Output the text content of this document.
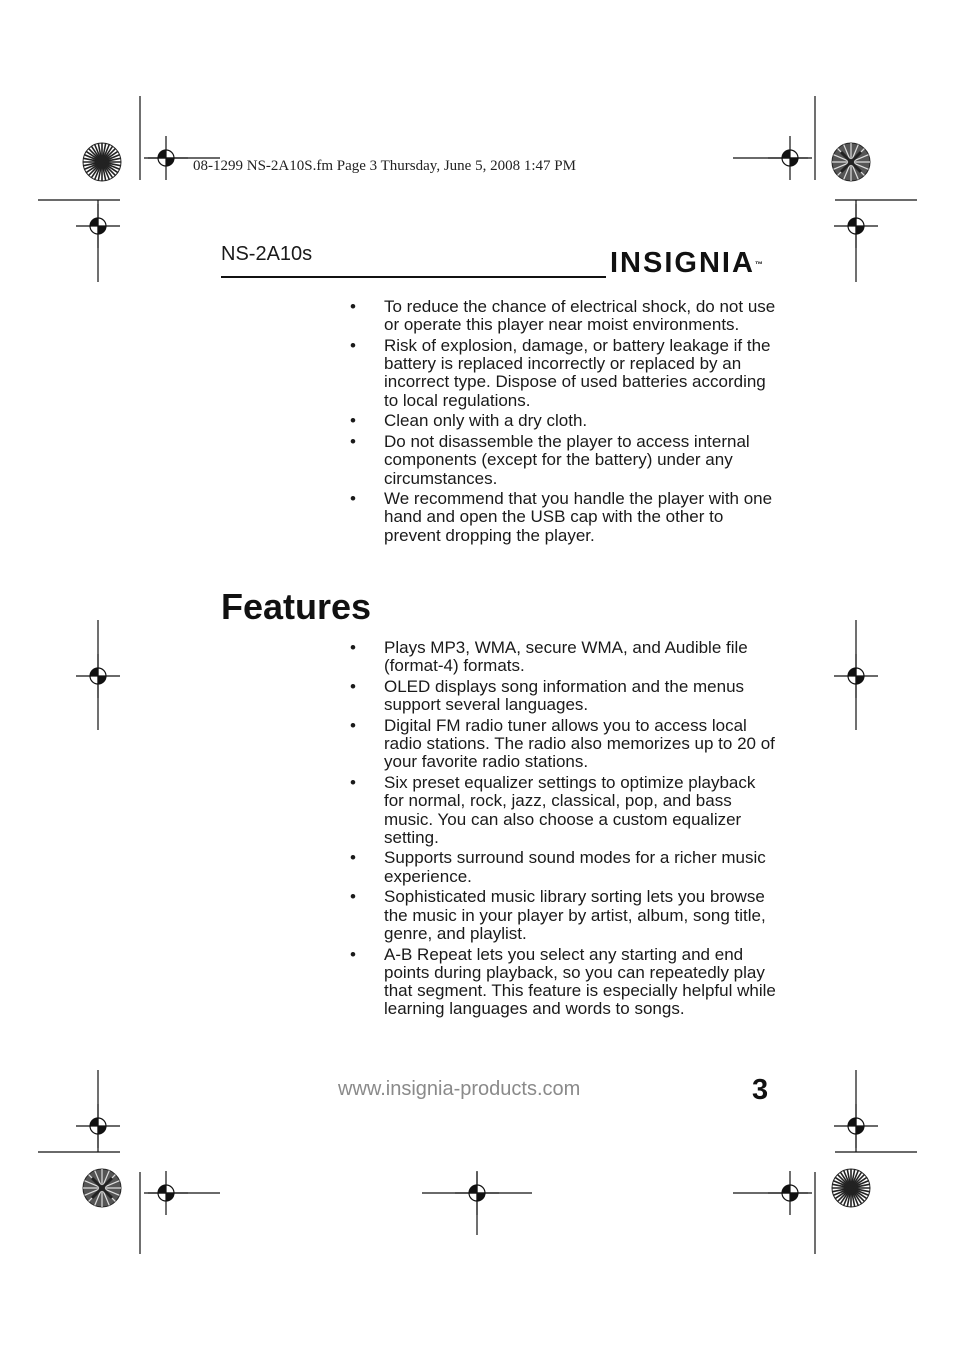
08-1299 NS-2A10S.fm Page 3 Thursday, June 5, 2008 1:47 PM
NS-2A10s	INSIGNIA™
• To reduce the chance of electrical shock, do not use or operate this player near moist environments.
• Risk of explosion, damage, or battery leakage if the battery is replaced incorrectly or replaced by an incorrect type. Dispose of used batteries according to local regulations.
• Clean only with a dry cloth.
• Do not disassemble the player to access internal components (except for the battery) under any circumstances.
• We recommend that you handle the player with one hand and open the USB cap with the other to prevent dropping the player.
Features
• Plays MP3, WMA, secure WMA, and Audible file (format-4) formats.
• OLED displays song information and the menus support several languages.
• Digital FM radio tuner allows you to access local radio stations. The radio also memorizes up to 20 of your favorite radio stations.
• Six preset equalizer settings to optimize playback for normal, rock, jazz, classical, pop, and bass music. You can also choose a custom equalizer setting.
• Supports surround sound modes for a richer music experience.
• Sophisticated music library sorting lets you browse the music in your player by artist, album, song title, genre, and playlist.
• A-B Repeat lets you select any starting and end points during playback, so you can repeatedly play that segment. This feature is especially helpful while learning languages and words to songs.
www.insignia-products.com	3
